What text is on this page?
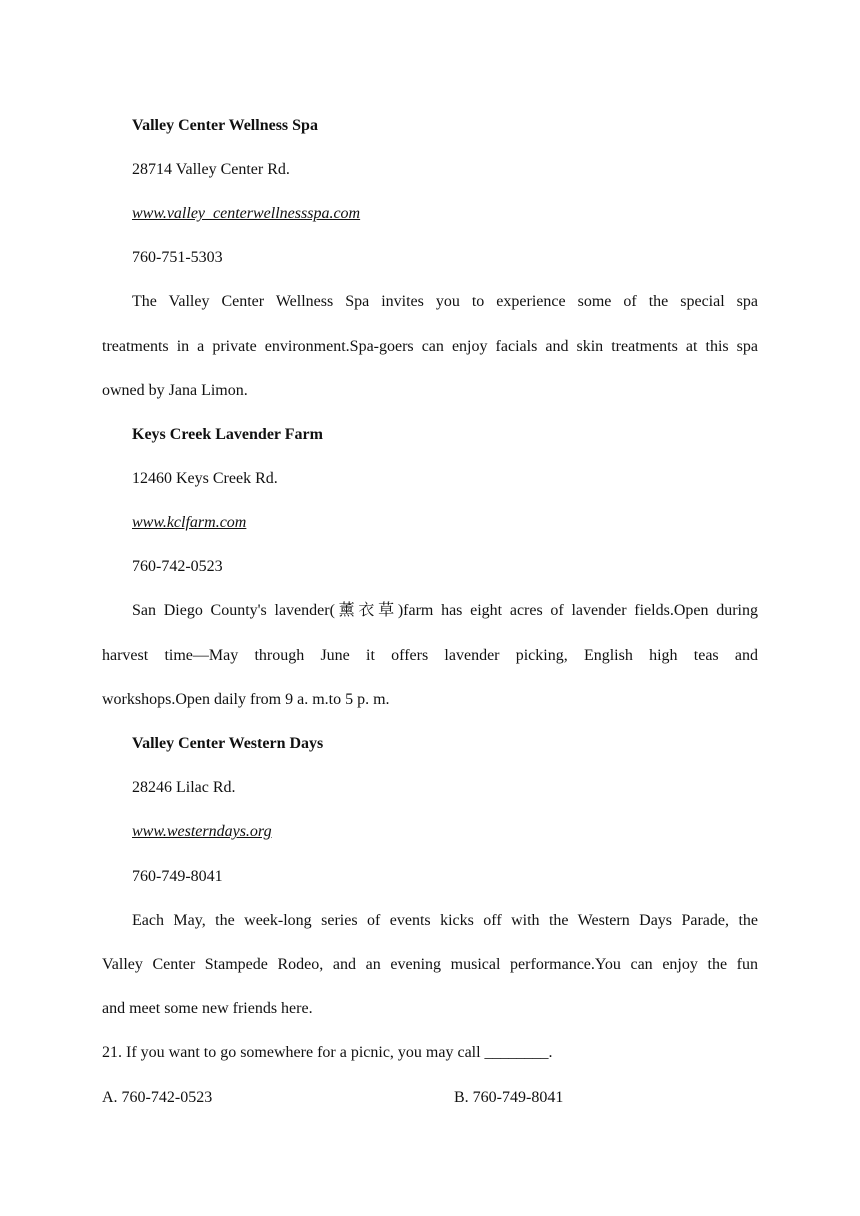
Valley Center Wellness Spa
28714 Valley Center Rd.
www.valley_centerwellnessspa.com
760-751-5303
The Valley Center Wellness Spa invites you to experience some of the special spa
treatments in a private environment.Spa-goers can enjoy facials and skin treatments at this spa
owned by Jana Limon.
Keys Creek Lavender Farm
12460 Keys Creek Rd.
www.kclfarm.com
760-742-0523
San Diego County's lavender(薰衣草)farm has eight acres of lavender fields.Open during
harvest time—May through June it offers lavender picking, English high teas and
workshops.Open daily from 9 a. m.to 5 p. m.
Valley Center Western Days
28246 Lilac Rd.
www.westerndays.org
760-749-8041
Each May, the week-long series of events kicks off with the Western Days Parade, the
Valley Center Stampede Rodeo, and an evening musical performance.You can enjoy the fun
and meet some new friends here.
21. If you want to go somewhere for a picnic, you may call ________.
A. 760-742-0523	B. 760-749-8041
